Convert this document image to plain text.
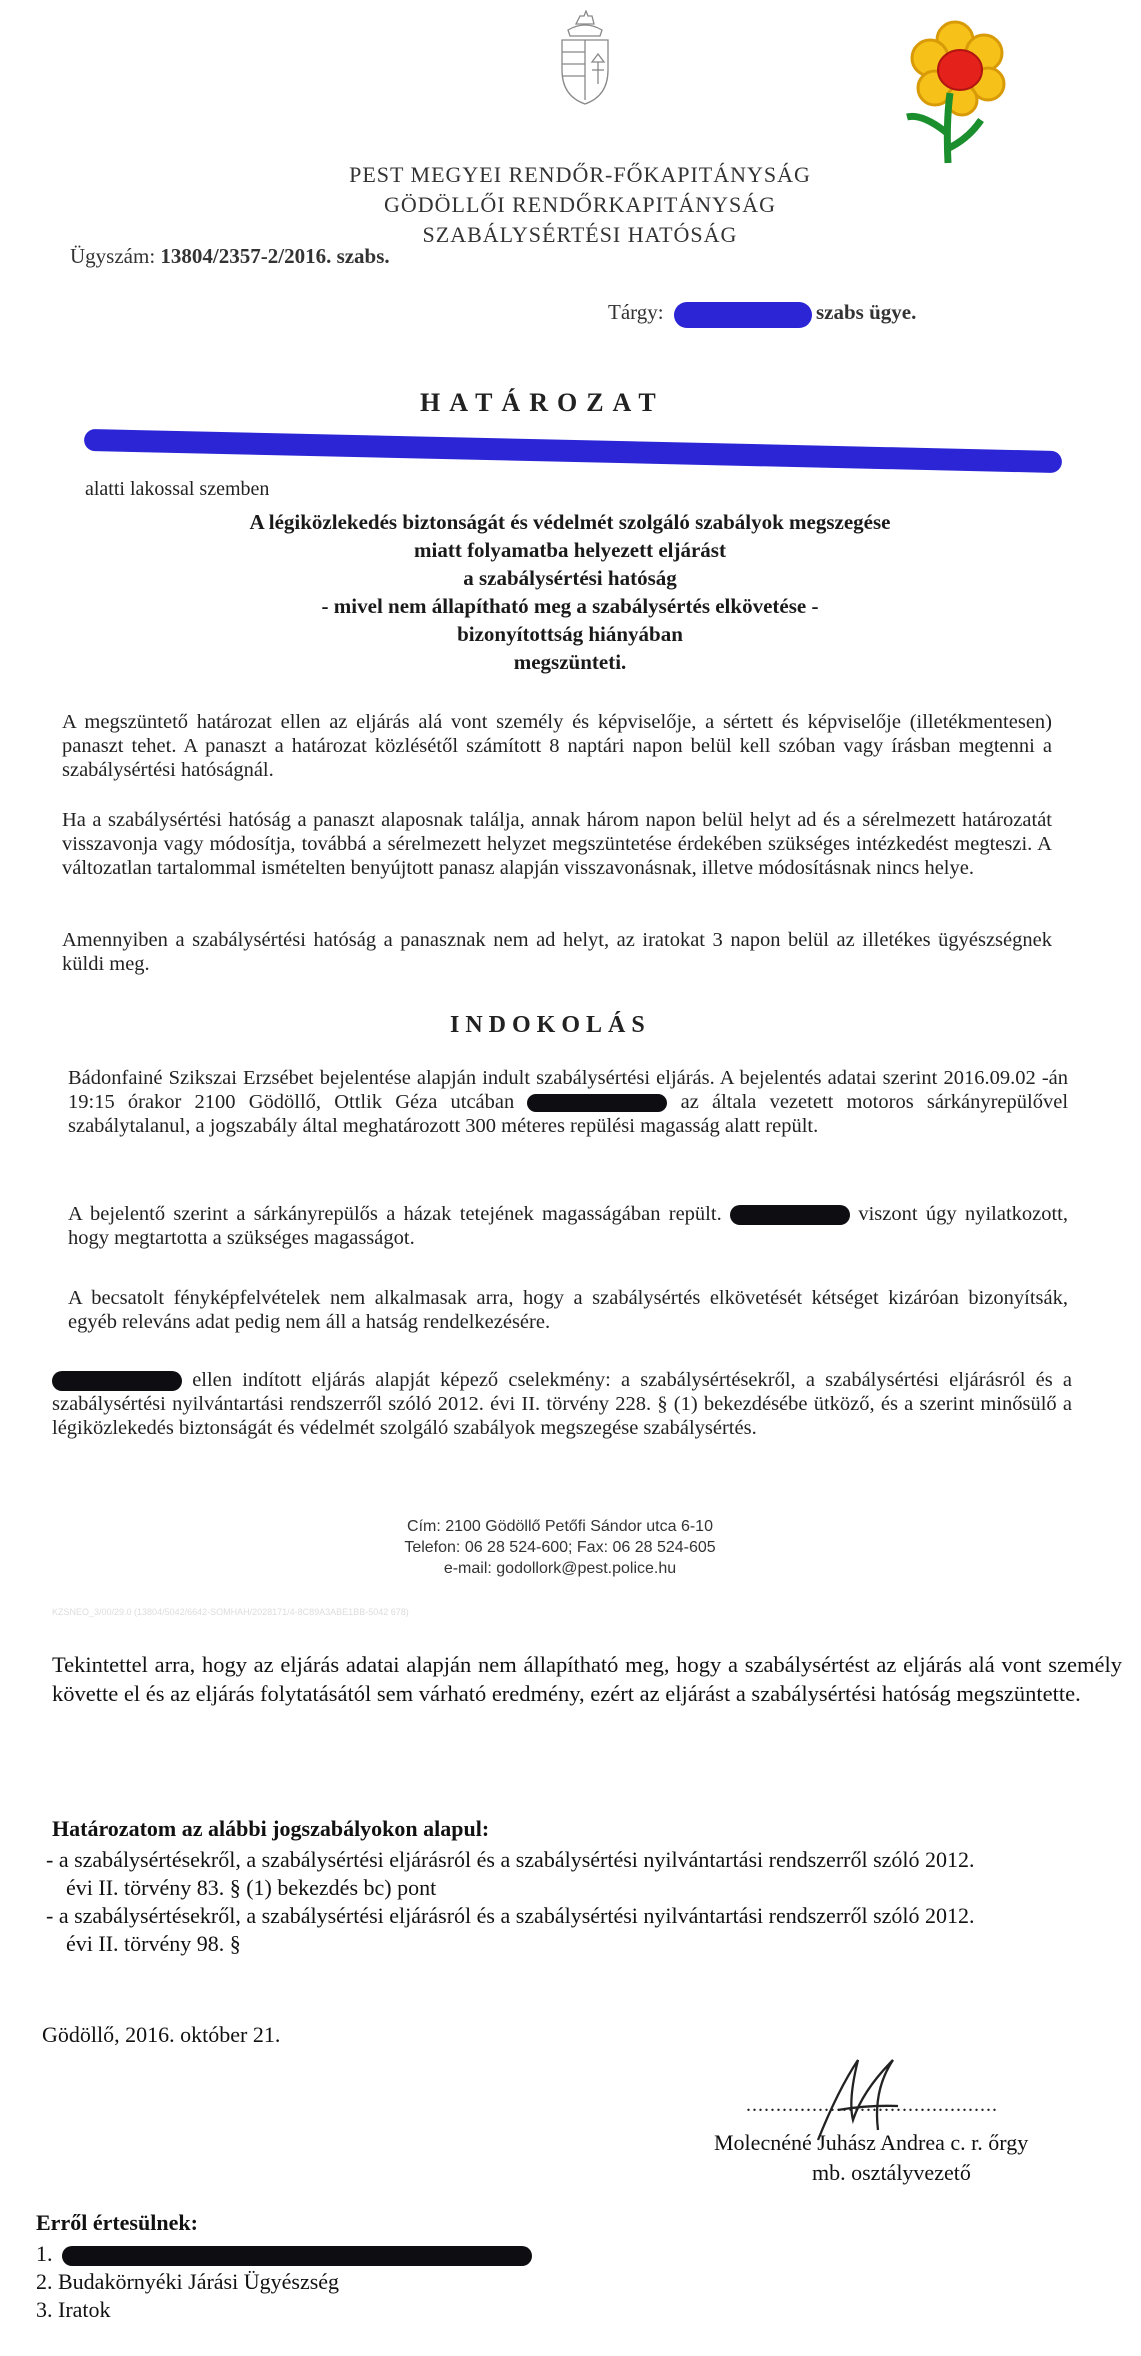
PEST MEGYEI RENDŐR-FŐKAPITÁNYSÁG
GÖDÖLLŐI RENDŐRKAPITÁNYSÁG
SZABÁLYSÉRTÉSI HATÓSÁG
Ügyszám: 13804/2357-2/2016. szabs.
Tárgy:	szabs ügye.
HATÁROZAT
alatti lakossal szemben
A légiközlekedés biztonságát és védelmét szolgáló szabályok megszegése
miatt folyamatba helyezett eljárást
a szabálysértési hatóság
- mivel nem állapítható meg a szabálysértés elkövetése -
bizonyítottság hiányában
megszünteti.
A megszüntető határozat ellen az eljárás alá vont személy és képviselője, a sértett és képviselője (illetékmentesen) panaszt tehet. A panaszt a határozat közlésétől számított 8 naptári napon belül kell szóban vagy írásban megtenni a szabálysértési hatóságnál.
Ha a szabálysértési hatóság a panaszt alaposnak találja, annak három napon belül helyt ad és a sérelmezett határozatát visszavonja vagy módosítja, továbbá a sérelmezett helyzet megszüntetése érdekében szükséges intézkedést megteszi. A változatlan tartalommal ismételten benyújtott panasz alapján visszavonásnak, illetve módosításnak nincs helye.
Amennyiben a szabálysértési hatóság a panasznak nem ad helyt, az iratokat 3 napon belül az illetékes ügyészségnek küldi meg.
INDOKOLÁS
Bádonfainé Szikszai Erzsébet bejelentése alapján indult szabálysértési eljárás. A bejelentés adatai szerint 2016.09.02 -án 19:15 órakor 2100 Gödöllő, Ottlik Géza utcában	az általa vezetett motoros sárkányrepülővel szabálytalanul, a jogszabály által meghatározott 300 méteres repülési magasság alatt repült.
A bejelentő szerint a sárkányrepülős a házak tetejének magasságában repült.	viszont úgy nyilatkozott, hogy megtartotta a szükséges magasságot.
A becsatolt fényképfelvételek nem alkalmasak arra, hogy a szabálysértés elkövetését kétséget kizáróan bizonyítsák, egyéb releváns adat pedig nem áll a hatság rendelkezésére.
ellen indított eljárás alapját képező cselekmény: a szabálysértésekről, a szabálysértési eljárásról és a szabálysértési nyilvántartási rendszerről szóló 2012. évi II. törvény 228. § (1) bekezdésébe ütköző, és a szerint minősülő a légiközlekedés biztonságát és védelmét szolgáló szabályok megszegése szabálysértés.
Cím: 2100 Gödöllő Petőfi Sándor utca 6-10
Telefon: 06 28 524-600; Fax: 06 28 524-605
e-mail: godollork@pest.police.hu
KZSNEO_3/00/29.0 (13804/5042/6642-SOMHAH/2028171/4-8C89A3ABE1BB-5042 678)
Tekintettel arra, hogy az eljárás adatai alapján nem állapítható meg, hogy a szabálysértést az eljárás alá vont személy követte el és az eljárás folytatásától sem várható eredmény, ezért az eljárást a szabálysértési hatóság megszüntette.
Határozatom az alábbi jogszabályokon alapul:
- a szabálysértésekről, a szabálysértési eljárásról és a szabálysértési nyilvántartási rendszerről szóló 2012.
évi II. törvény 83. § (1) bekezdés bc) pont
- a szabálysértésekről, a szabálysértési eljárásról és a szabálysértési nyilvántartási rendszerről szóló 2012.
évi II. törvény 98. §
Gödöllő, 2016. október 21.
..........................................
Molecnéné Juhász Andrea c. r. őrgy
mb. osztályvezető
Erről értesülnek:
1.
2. Budakörnyéki Járási Ügyészség
3. Iratok
